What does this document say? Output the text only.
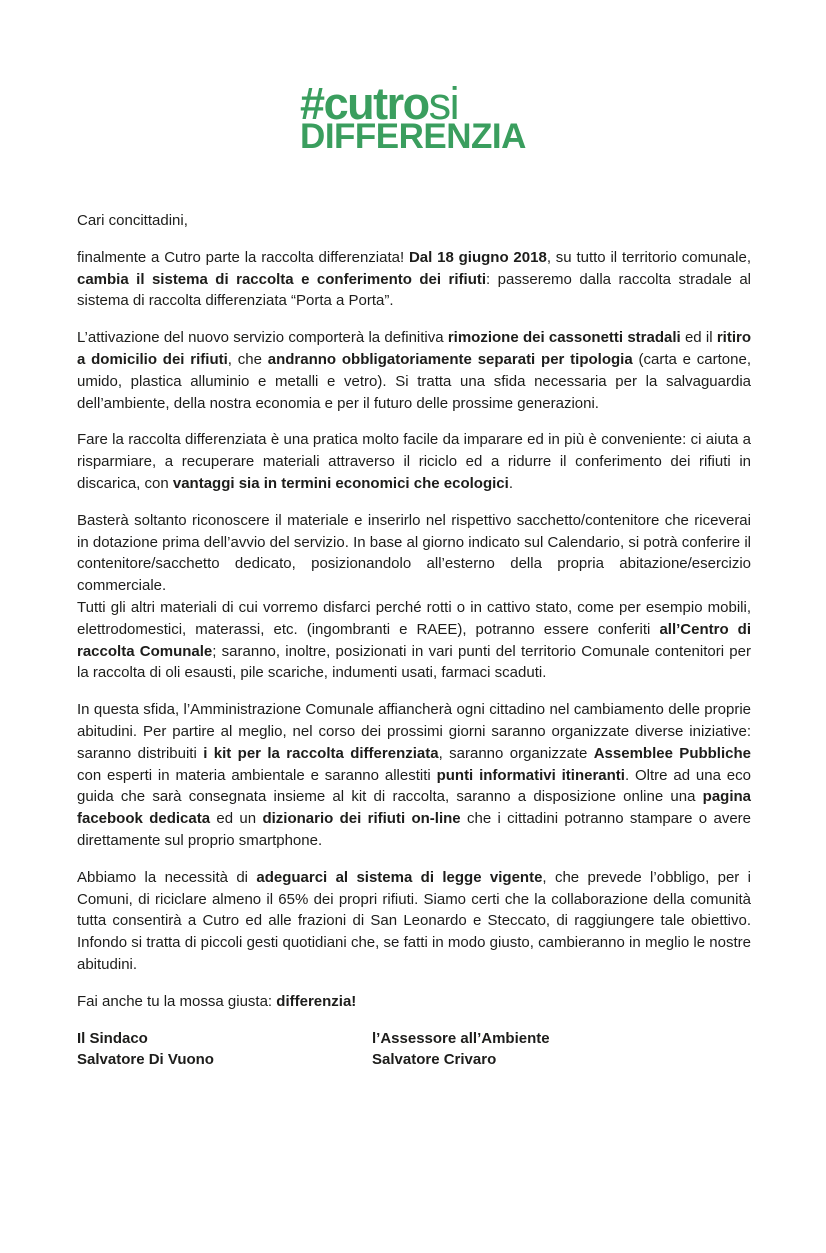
#cutrosi
DIFFERENZIA

Cari concittadini,

finalmente a Cutro parte la raccolta differenziata! Dal 18 giugno 2018, su tutto il territorio comunale, cambia il sistema di raccolta e conferimento dei rifiuti: passeremo dalla raccolta stradale al sistema di raccolta differenziata “Porta a Porta”.

L’attivazione del nuovo servizio comporterà la definitiva rimozione dei cassonetti stradali ed il ritiro a domicilio dei rifiuti, che andranno obbligatoriamente separati per tipologia (carta e cartone, umido, plastica alluminio e metalli e vetro). Si tratta una sfida necessaria per la salvaguardia dell’ambiente, della nostra economia e per il futuro delle prossime generazioni.

Fare la raccolta differenziata è una pratica molto facile da imparare ed in più è conveniente: ci aiuta a risparmiare, a recuperare materiali attraverso il riciclo ed a ridurre il conferimento dei rifiuti in discarica, con vantaggi sia in termini economici che ecologici.

Basterà soltanto riconoscere il materiale e inserirlo nel rispettivo sacchetto/contenitore che riceverai in dotazione prima dell’avvio del servizio. In base al giorno indicato sul Calendario, si potrà conferire il contenitore/sacchetto dedicato, posizionandolo all’esterno della propria abitazione/esercizio commerciale.

Tutti gli altri materiali di cui vorremo disfarci perché rotti o in cattivo stato, come per esempio mobili, elettrodomestici, materassi, etc. (ingombranti e RAEE), potranno essere conferiti all’Centro di raccolta Comunale; saranno, inoltre, posizionati in vari punti del territorio Comunale contenitori per la raccolta di oli esausti, pile scariche, indumenti usati, farmaci scaduti.

In questa sfida, l’Amministrazione Comunale affiancherà ogni cittadino nel cambiamento delle proprie abitudini. Per partire al meglio, nel corso dei prossimi giorni saranno organizzate diverse iniziative: saranno distribuiti i kit per la raccolta differenziata, saranno organizzate Assemblee Pubbliche con esperti in materia ambientale e saranno allestiti punti informativi itineranti. Oltre ad una eco guida che sarà consegnata insieme al kit di raccolta, saranno a disposizione online una pagina facebook dedicata ed un dizionario dei rifiuti on-line che i cittadini potranno stampare o avere direttamente sul proprio smartphone.

Abbiamo la necessità di adeguarci al sistema di legge vigente, che prevede l’obbligo, per i Comuni, di riciclare almeno il 65% dei propri rifiuti. Siamo certi che la collaborazione della comunità tutta consentirà a Cutro ed alle frazioni di San Leonardo e Steccato, di raggiungere tale obiettivo. Infondo si tratta di piccoli gesti quotidiani che, se fatti in modo giusto, cambieranno in meglio le nostre abitudini.

Fai anche tu la mossa giusta: differenzia!

Il Sindaco
Salvatore Di Vuono
l’Assessore all’Ambiente
Salvatore Crivaro
